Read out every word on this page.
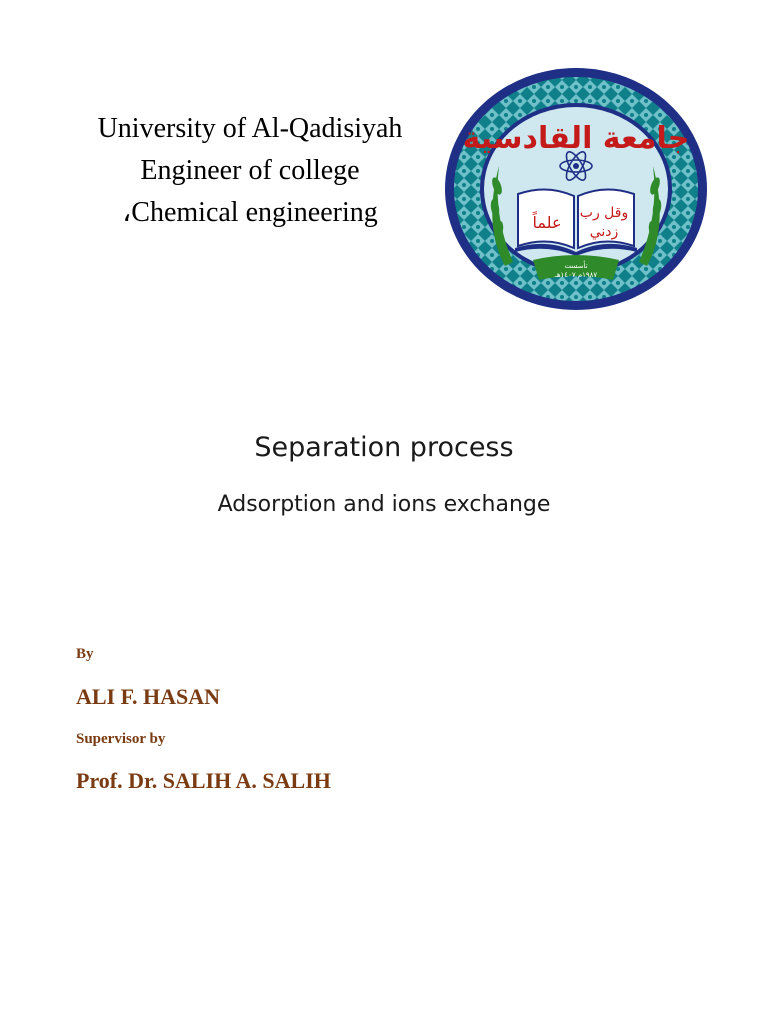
University of Al-Qadisiyah
Engineer of college
،Chemical engineering
جامعة القادسية
وقل رب
زدني
علماً
تأسست
١٩٨٧م ١٤٠٧هـ
Separation process
Adsorption and ions exchange
By
ALI F. HASAN
Supervisor by
Prof. Dr. SALIH A. SALIH
